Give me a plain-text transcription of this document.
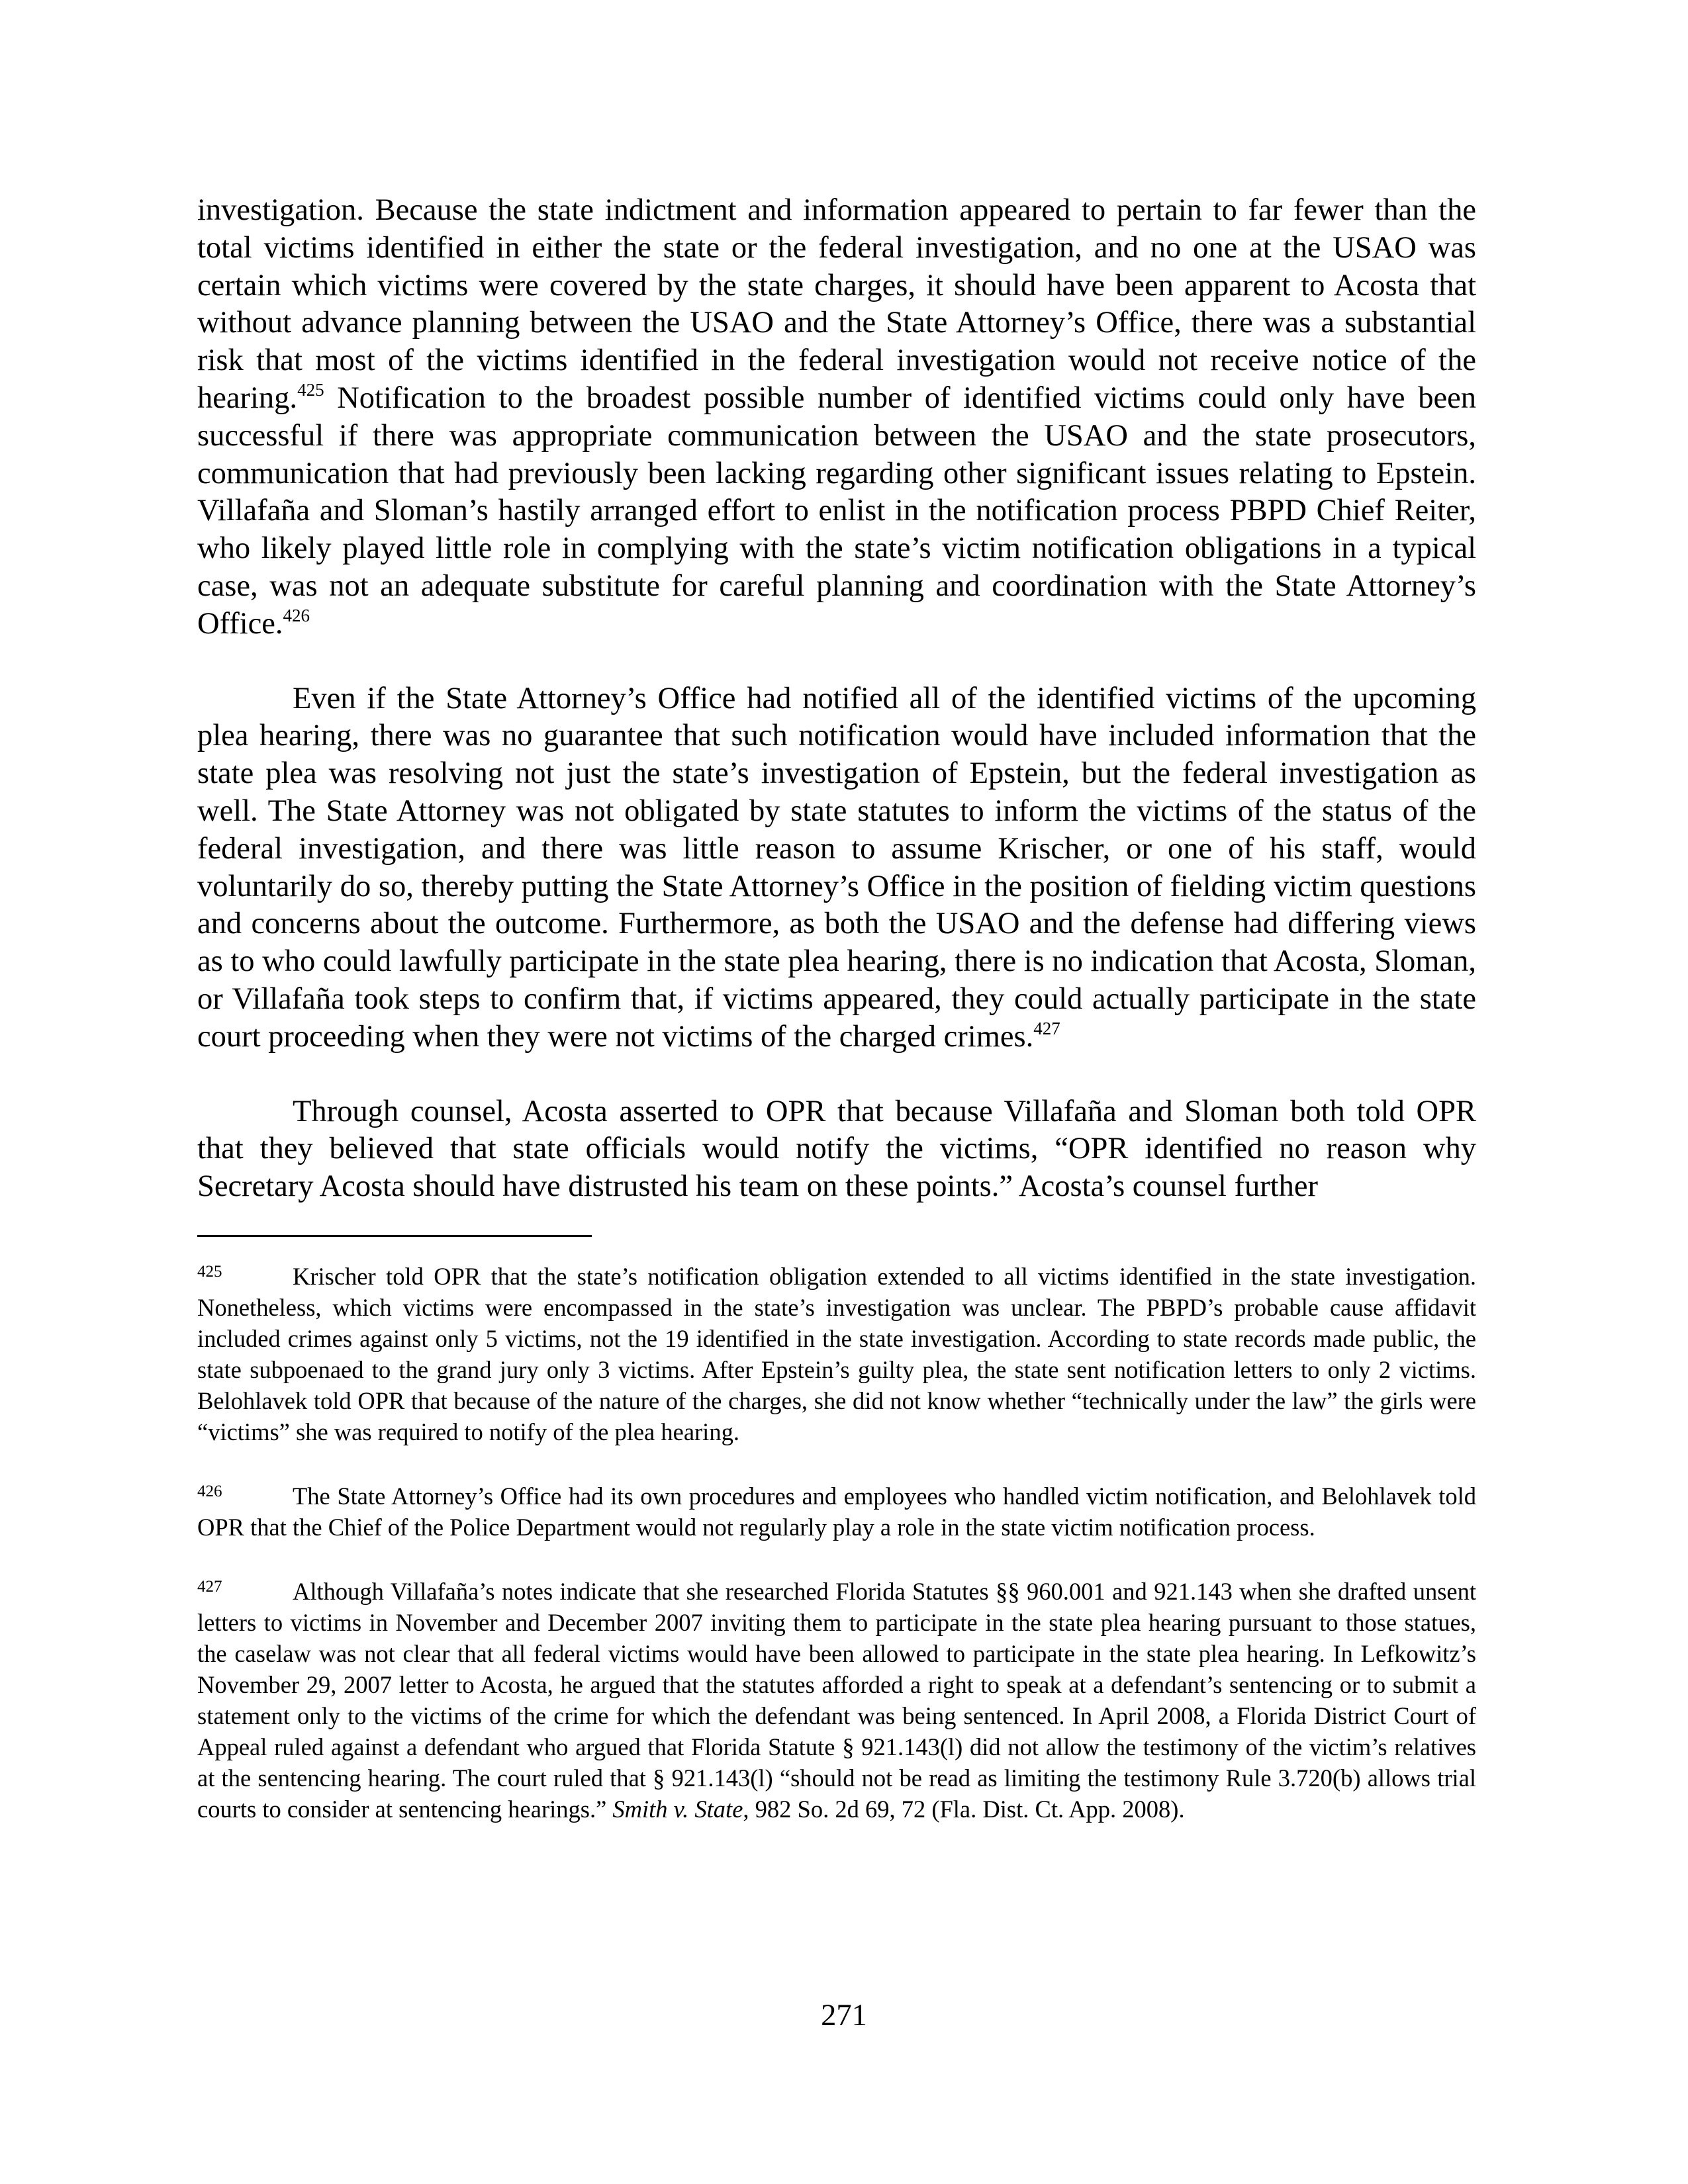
investigation. Because the state indictment and information appeared to pertain to far fewer than the total victims identified in either the state or the federal investigation, and no one at the USAO was certain which victims were covered by the state charges, it should have been apparent to Acosta that without advance planning between the USAO and the State Attorney’s Office, there was a substantial risk that most of the victims identified in the federal investigation would not receive notice of the hearing.$^{425}$ Notification to the broadest possible number of identified victims could only have been successful if there was appropriate communication between the USAO and the state prosecutors, communication that had previously been lacking regarding other significant issues relating to Epstein. Villafaña and Sloman’s hastily arranged effort to enlist in the notification process PBPD Chief Reiter, who likely played little role in complying with the state’s victim notification obligations in a typical case, was not an adequate substitute for careful planning and coordination with the State Attorney’s Office.$^{426}$

Even if the State Attorney’s Office had notified all of the identified victims of the upcoming plea hearing, there was no guarantee that such notification would have included information that the state plea was resolving not just the state’s investigation of Epstein, but the federal investigation as well. The State Attorney was not obligated by state statutes to inform the victims of the status of the federal investigation, and there was little reason to assume Krischer, or one of his staff, would voluntarily do so, thereby putting the State Attorney’s Office in the position of fielding victim questions and concerns about the outcome. Furthermore, as both the USAO and the defense had differing views as to who could lawfully participate in the state plea hearing, there is no indication that Acosta, Sloman, or Villafaña took steps to confirm that, if victims appeared, they could actually participate in the state court proceeding when they were not victims of the charged crimes.$^{427}$

Through counsel, Acosta asserted to OPR that because Villafaña and Sloman both told OPR that they believed that state officials would notify the victims, “OPR identified no reason why Secretary Acosta should have distrusted his team on these points.” Acosta’s counsel further

425	Krischer told OPR that the state’s notification obligation extended to all victims identified in the state investigation. Nonetheless, which victims were encompassed in the state’s investigation was unclear. The PBPD’s probable cause affidavit included crimes against only 5 victims, not the 19 identified in the state investigation. According to state records made public, the state subpoenaed to the grand jury only 3 victims. After Epstein’s guilty plea, the state sent notification letters to only 2 victims. Belohlavek told OPR that because of the nature of the charges, she did not know whether “technically under the law” the girls were “victims” she was required to notify of the plea hearing.

426	The State Attorney’s Office had its own procedures and employees who handled victim notification, and Belohlavek told OPR that the Chief of the Police Department would not regularly play a role in the state victim notification process.

427	Although Villafaña’s notes indicate that she researched Florida Statutes §§ 960.001 and 921.143 when she drafted unsent letters to victims in November and December 2007 inviting them to participate in the state plea hearing pursuant to those statues, the caselaw was not clear that all federal victims would have been allowed to participate in the state plea hearing. In Lefkowitz’s November 29, 2007 letter to Acosta, he argued that the statutes afforded a right to speak at a defendant’s sentencing or to submit a statement only to the victims of the crime for which the defendant was being sentenced. In April 2008, a Florida District Court of Appeal ruled against a defendant who argued that Florida Statute § 921.143(l) did not allow the testimony of the victim’s relatives at the sentencing hearing. The court ruled that § 921.143(l) “should not be read as limiting the testimony Rule 3.720(b) allows trial courts to consider at sentencing hearings.” Smith v. State, 982 So. 2d 69, 72 (Fla. Dist. Ct. App. 2008).

271
